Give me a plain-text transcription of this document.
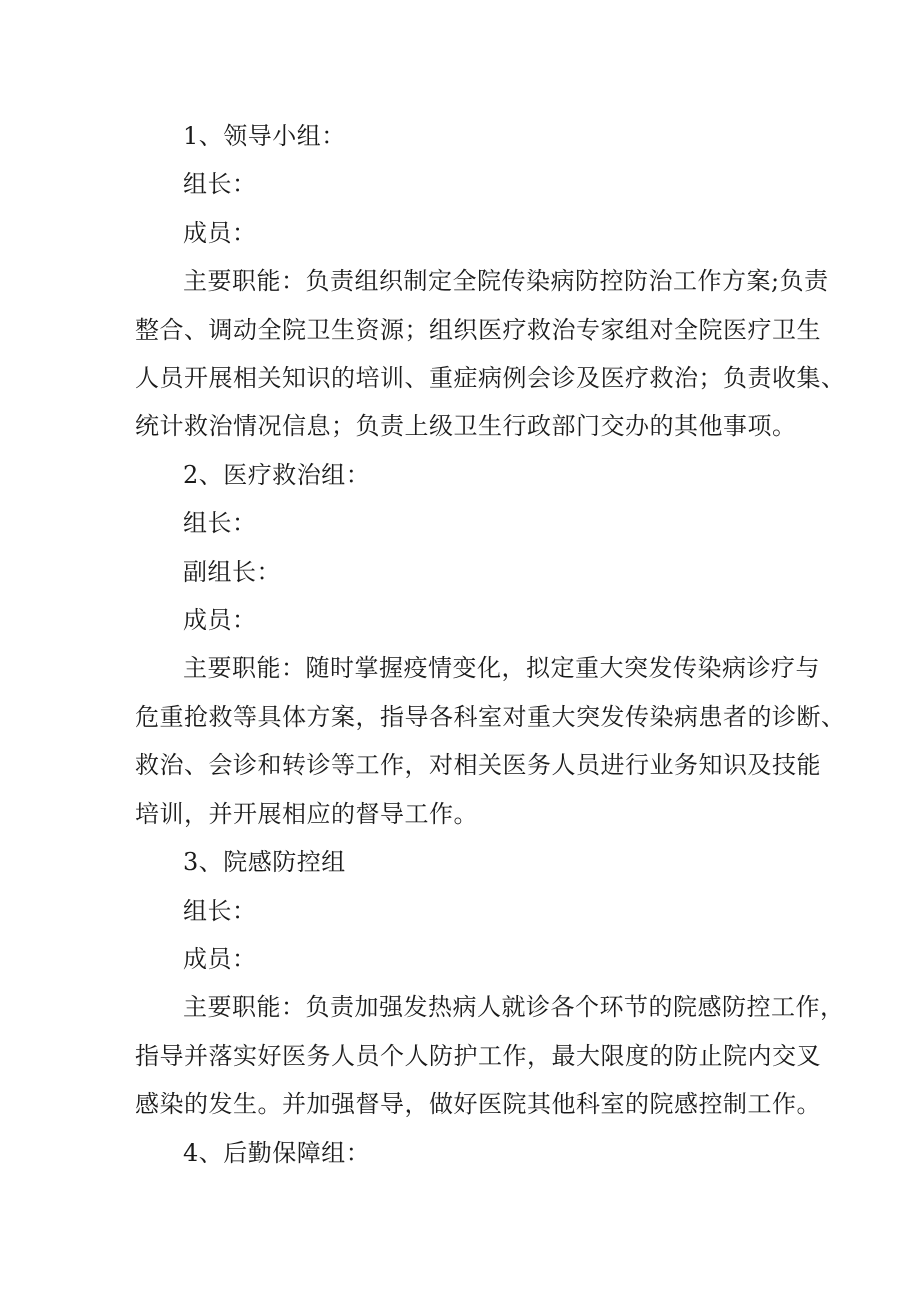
1、领导小组：
组长：
成员：
主要职能：负责组织制定全院传染病防控防治工作方案;负责
整合、调动全院卫生资源；组织医疗救治专家组对全院医疗卫生
人员开展相关知识的培训、重症病例会诊及医疗救治；负责收集、
统计救治情况信息；负责上级卫生行政部门交办的其他事项。
2、医疗救治组：
组长：
副组长：
成员：
主要职能：随时掌握疫情变化，拟定重大突发传染病诊疗与
危重抢救等具体方案，指导各科室对重大突发传染病患者的诊断、
救治、会诊和转诊等工作，对相关医务人员进行业务知识及技能
培训，并开展相应的督导工作。
3、院感防控组
组长：
成员：
主要职能：负责加强发热病人就诊各个环节的院感防控工作，
指导并落实好医务人员个人防护工作，最大限度的防止院内交叉
感染的发生。并加强督导，做好医院其他科室的院感控制工作。
4、后勤保障组：
